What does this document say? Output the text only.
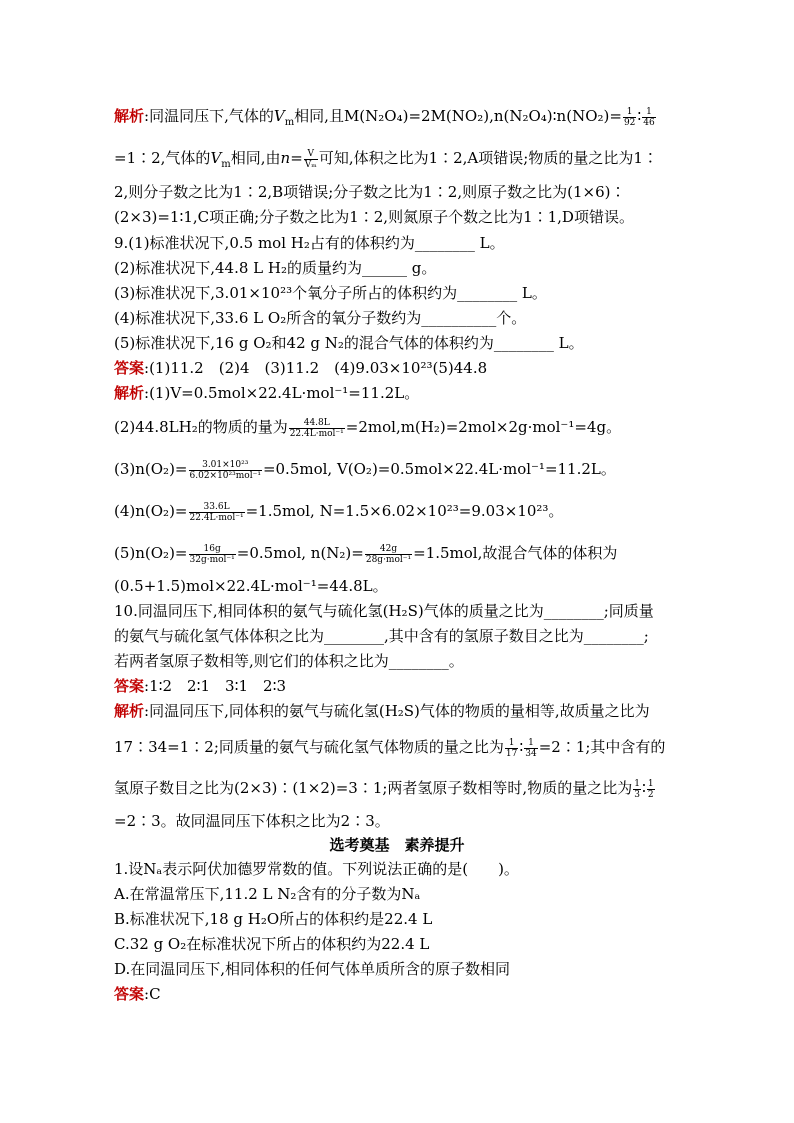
解析:同温同压下,气体的$V_m$相同,且M(N₂O₄)=2M(NO₂),n(N₂O₄)∶n(NO₂)= $\frac{1}{92}$ ∶ $\frac{1}{46}$
=1∶2,气体的$V_m$相同,由$n= \frac{V}{\text{Vₘ}}$ 可知,体积之比为1∶2,A项错误;物质的量之比为1∶
2,则分子数之比为1∶2,B项错误;分子数之比为1∶2,则原子数之比为(1×6)∶
(2×3)=1∶1,C项正确;分子数之比为1∶2,则氮原子个数之比为1∶1,D项错误。
9.(1)标准状况下,0.5 mol H₂占有的体积约为________ L。
(2)标准状况下,44.8 L H₂的质量约为______ g。
(3)标准状况下,3.01×10²³个氧分子所占的体积约为________ L。
(4)标准状况下,33.6 L O₂所含的氧分子数约为__________个。
(5)标准状况下,16 g O₂和42 g N₂的混合气体的体积约为________ L。
答案:(1)11.2　(2)4　(3)11.2　(4)9.03×10²³(5)44.8
解析:(1)V=0.5mol×22.4L·mol⁻¹=11.2L。
(2)44.8LH₂的物质的量为 $\frac{44.8L}{\text{22.4L·mol⁻¹}} =2mol,m(H_2)=2mol\times 2g\cdot mol^{-1}=4g$。
$(3)n(O_2)= \frac{\text{3.01×10²³}}{\text{6.02×10²³mol⁻¹}} =0.5mol$, V(O₂)=0.5mol×22.4L·mol⁻¹=11.2L。
$(4)n(O_2)= \frac{33.6L}{\text{22.4L·mol⁻¹}} =1.5mol$, N=1.5×6.02×10²³=9.03×10²³。
$(5)n(O_2)= \frac{16g}{\text{32g·mol⁻¹}} =0.5mol$, $n(N_2)= \frac{42g}{\text{28g·mol⁻¹}} =1.5mol$,故混合气体的体积为
(0.5+1.5)mol×22.4L·mol⁻¹=44.8L。
10.同温同压下,相同体积的氨气与硫化氢(H₂S)气体的质量之比为________;同质量
的氨气与硫化氢气体体积之比为________,其中含有的氢原子数目之比为________;
若两者氢原子数相等,则它们的体积之比为________。
答案:1∶2　2∶1　3∶1　2∶3
解析:同温同压下,同体积的氨气与硫化氢(H₂S)气体的物质的量相等,故质量之比为
17∶34=1∶2;同质量的氨气与硫化氢气体物质的量之比为 $\frac{1}{17}$ ∶ $\frac{1}{34}$ =2∶1;其中含有的
氢原子数目之比为(2×3)∶(1×2)=3∶1;两者氢原子数相等时,物质的量之比为 $\frac{1}{3}$ ∶ $\frac{1}{2}$
=2∶3。故同温同压下体积之比为2∶3。
选考奠基　素养提升
1.设Nₐ表示阿伏加德罗常数的值。下列说法正确的是(　　)。
A.在常温常压下,11.2 L N₂含有的分子数为Nₐ
B.标准状况下,18 g H₂O所占的体积约是22.4 L
C.32 g O₂在标准状况下所占的体积约为22.4 L
D.在同温同压下,相同体积的任何气体单质所含的原子数相同
答案:C
